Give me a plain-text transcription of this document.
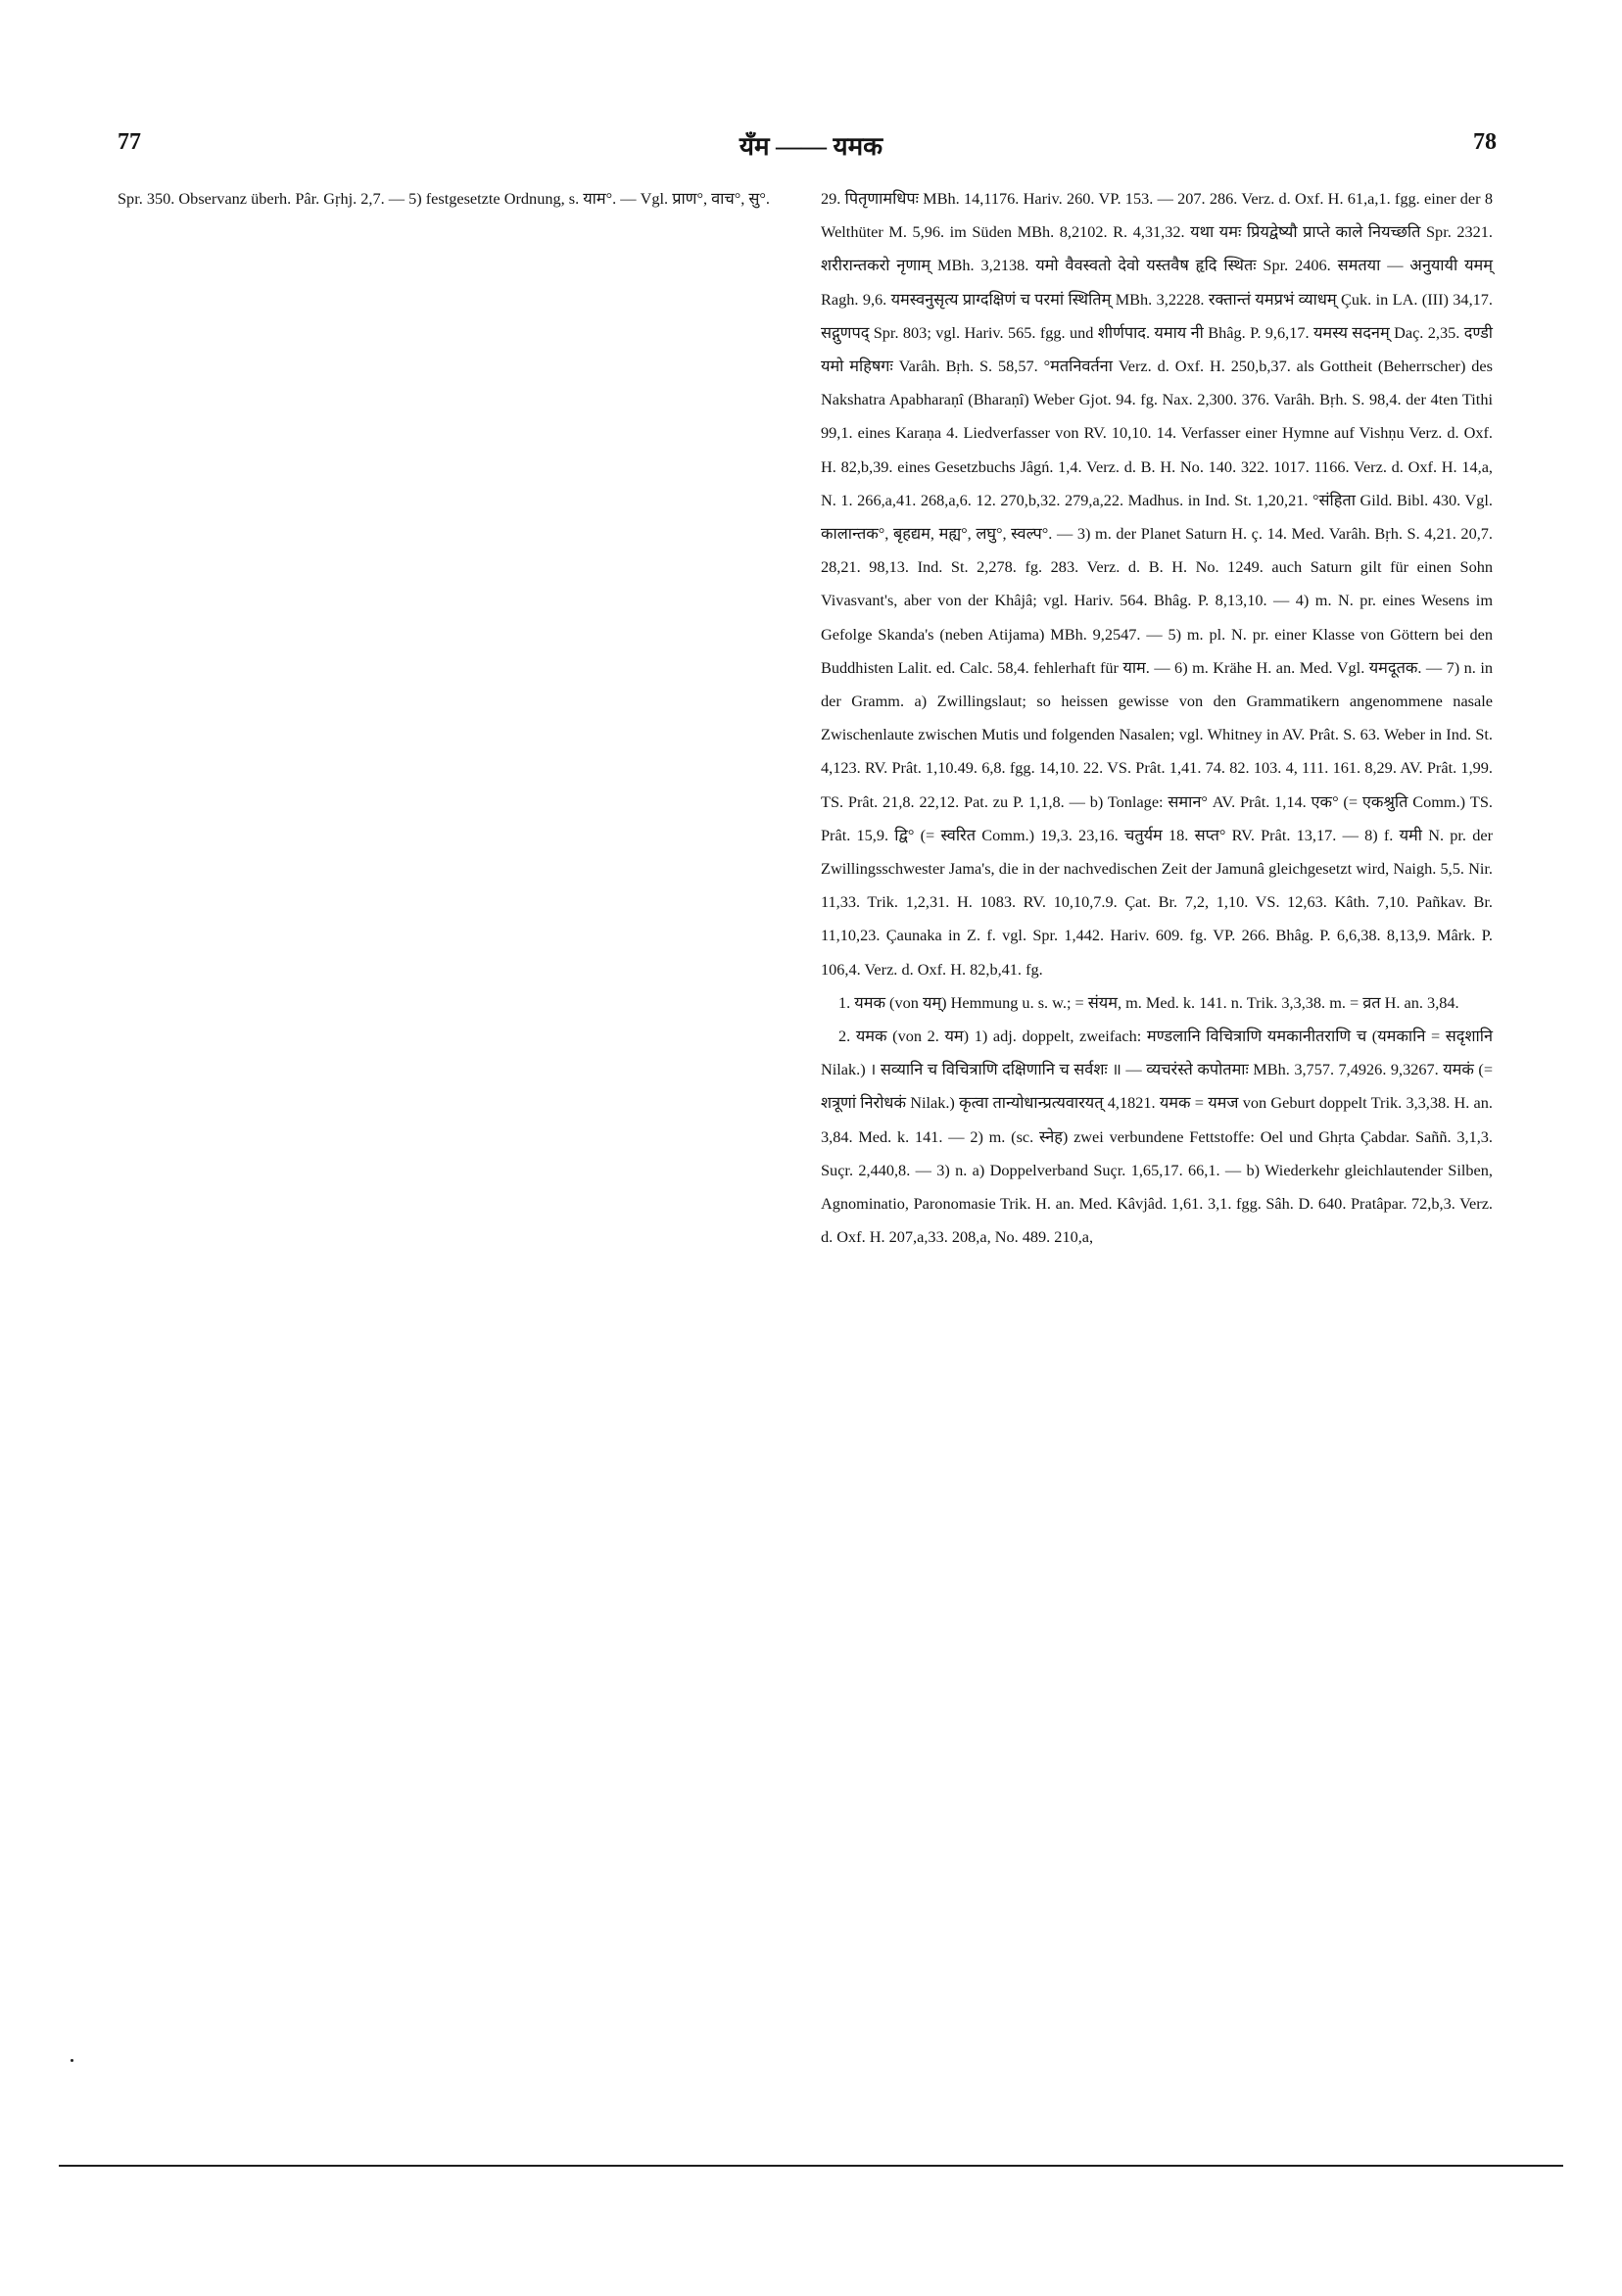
77	यँम —— यमक	78

Spr. 350. Observanz überh. Pâr. Gṛhj. 2,7. — 5) festgesetzte Ordnung, s. याम°. — Vgl. प्राण°, वाच°, सु°.	29. पितृणामधिपः MBh. 14,1176. Hariv. 260. VP. 153. — 207. 286. Verz. d. Oxf. H. 61,a,1. fgg. einer der 8 Welthüter M. 5,96. im Süden MBh. 8,2102. R. 4,31,32. यथा यमः प्रियद्वेष्यौ प्राप्ते काले नियच्छति Spr. 2321. शरीरान्तकरो नृणाम् MBh. 3,2138. यमो वैवस्वतो देवो यस्तवैष हृदि स्थितः Spr. 2406. समतया — अनुयायी यमम् Ragh. 9,6. यमस्वनुसृत्य प्राग्दक्षिणं च परमां स्थितिम् MBh. 3,2228. रक्तान्तं यमप्रभं व्याधम् Çuk. in LA. (III) 34,17. सद्गुणपद् Spr. 803; vgl. Hariv. 565. fgg. und शीर्णपाद. यमाय नी Bhâg. P. 9,6,17. यमस्य सदनम् Daç. 2,35. दण्डी यमो महिषगः Varâh. Bṛh. S. 58,57. °मतनिवर्तना Verz. d. Oxf. H. 250,b,37. als Gottheit (Beherrscher) des Nakshatra Apabharaṇî (Bharaṇî) Weber Gjot. 94. fg. Nax. 2,300. 376. Varâh. Bṛh. S. 98,4. der 4ten Tithi 99,1. eines Karaṇa 4. Liedverfasser von RV. 10,10. 14. Verfasser einer Hymne auf Vishṇu Verz. d. Oxf. H. 82,b,39. eines Gesetzbuchs Jâgń. 1,4. Verz. d. B. H. No. 140. 322. 1017. 1166. Verz. d. Oxf. H. 14,a, N. 1. 266,a,41. 268,a,6. 12. 270,b,32. 279,a,22. Madhus. in Ind. St. 1,20,21. °संहिता Gild. Bibl. 430. Vgl. कालान्तक°, बृहद्यम, मह्य°, लघु°, स्वल्प°. — 3) m. der Planet Saturn H. ç. 14. Med. Varâh. Bṛh. S. 4,21. 20,7. 28,21. 98,13. Ind. St. 2,278. fg. 283. Verz. d. B. H. No. 1249. auch Saturn gilt für einen Sohn Vivasvant's, aber von der Khâjâ; vgl. Hariv. 564. Bhâg. P. 8,13,10. — 4) m. N. pr. eines Wesens im Gefolge Skanda's (neben Atijama) MBh. 9,2547. — 5) m. pl. N. pr. einer Klasse von Göttern bei den Buddhisten Lalit. ed. Calc. 58,4. fehlerhaft für याम. — 6) m. Krähe H. an. Med. Vgl. यमदूतक. — 7) n. in der Gramm. a) Zwillingslaut; so heissen gewisse von den Grammatikern angenommene nasale Zwischenlaute zwischen Mutis und folgenden Nasalen; vgl. Whitney in AV. Prât. S. 63. Weber in Ind. St. 4,123. RV. Prât. 1,10.49. 6,8. fgg. 14,10. 22. VS. Prât. 1,41. 74. 82. 103. 4, 111. 161. 8,29. AV. Prât. 1,99. TS. Prât. 21,8. 22,12. Pat. zu P. 1,1,8. — b) Tonlage: समान° AV. Prât. 1,14. एक° (= एकश्रुति Comm.) TS. Prât. 15,9. द्वि° (= स्वरित Comm.) 19,3. 23,16. चतुर्यम 18. सप्त° RV. Prât. 13,17. — 8) f. यमी N. pr. der Zwillingsschwester Jama's, die in der nachvedischen Zeit der Jamunâ gleichgesetzt wird, Naigh. 5,5. Nir. 11,33. Trik. 1,2,31. H. 1083. RV. 10,10,7.9. Çat. Br. 7,2, 1,10. VS. 12,63. Kâth. 7,10. Pañkav. Br. 11,10,23. Çaunaka in Z. f. vgl. Spr. 1,442. Hariv. 609. fg. VP. 266. Bhâg. P. 6,6,38. 8,13,9. Mârk. P. 106,4. Verz. d. Oxf. H. 82,b,41. fg.

1. यमक (von यम्) Hemmung u. s. w.; = संयम, m. Med. k. 141. n. Trik. 3,3,38. m. = व्रत H. an. 3,84.

2. यमक (von 2. यम) 1) adj. doppelt, zweifach: मण्डलानि विचित्राणि यमकानीतराणि च (यमकानि = सदृशानि Nilak.) । सव्यानि च विचित्राणि दक्षिणानि च सर्वशः ॥ — व्यचरंस्ते कपोतमाः MBh. 3,757. 7,4926. 9,3267. यमकं (= शत्रूणां निरोधकं Nilak.) कृत्वा तान्योधान्प्रत्यवारयत् 4,1821. यमक = यमज von Geburt doppelt Trik. 3,3,38. H. an. 3,84. Med. k. 141. — 2) m. (sc. स्नेह) zwei verbundene Fettstoffe: Oel und Ghṛta Çabdar. Saññ. 3,1,3. Suçr. 2,440,8. — 3) n. a) Doppelverband Suçr. 1,65,17. 66,1. — b) Wiederkehr gleichlautender Silben, Agnominatio, Paronomasie Trik. H. an. Med. Kâvjâd. 1,61. 3,1. fgg. Sâh. D. 640. Pratâpar. 72,b,3. Verz. d. Oxf. H. 207,a,33. 208,a, No. 489. 210,a,
